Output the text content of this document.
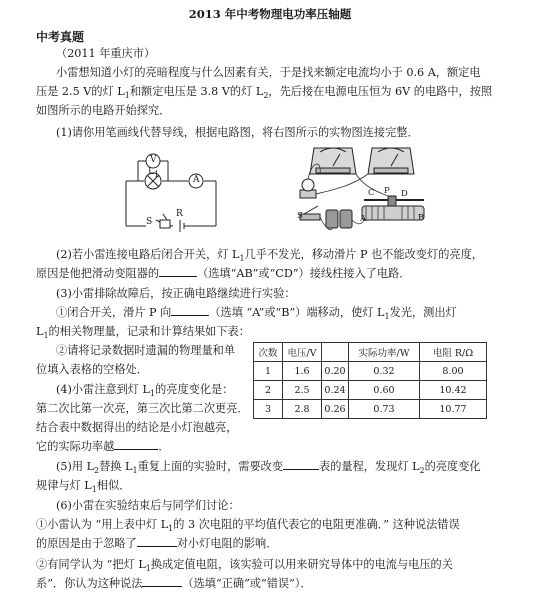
2013 年中考物理电功率压轴题
中考真题
（2011 年重庆市）
小雷想知道小灯的亮暗程度与什么因素有关．于是找来额定电流均小于 0.6 A，额定电
压是 2.5 V的灯 $L_1$和额定电压是 3.8 V的灯 $L_2$，先后接在电源电压恒为 6V 的电路中，按照
如图所示的电路开始探究．
(1)请你用笔画线代替导线，根据电路图，将右图所示的实物图连接完整．
V
A
$L_1$
S
R	S	A
C P D
B
(2)若小雷连接电路后闭合开关，灯 $L_1$几乎不发光，移动滑片 P 也不能改变灯的亮度，
原因是他把滑动变阻器的	（选填“AB”或“CD”）接线柱接入了电路．
(3)小雷排除故障后，按正确电路继续进行实验：
①闭合开关，滑片 P 向	（选填 “A”或“B”）端移动，使灯 $L_1$发光，测出灯
$L_1$的相关物理量，记录和计算结果如下表：
②请将记录数据时遗漏的物理量和单
位填入表格的空格处．
次数	电压/V		实际功率/W	电阻 R/Ω
1	1.6	0.20	0.32	8.00
2	2.5	0.24	0.60	10.42
3	2.8	0.26	0.73	10.77
(4)小雷注意到灯 $L_1$的亮度变化是：
第二次比第一次亮，第三次比第二次更亮．
结合表中数据得出的结论是小灯泡越亮，
它的实际功率越	．
(5)用 $L_2$替换 $L_1$重复上面的实验时，需要改变	表的量程，发现灯 $L_2$的亮度变化
规律与灯 $L_1$相似．
(6)小雷在实验结束后与同学们讨论：
①小雷认为 “用上表中灯 $L_1$的 3 次电阻的平均值代表它的电阻更准确．” 这种说法错误
的原因是由于忽略了	对小灯电阻的影响．
②有同学认为 “把灯 $L_1$换成定值电阻，该实验可以用来研究导体中的电流与电压的关
系”．你认为这种说法	（选填“正确”或“错误”）．
